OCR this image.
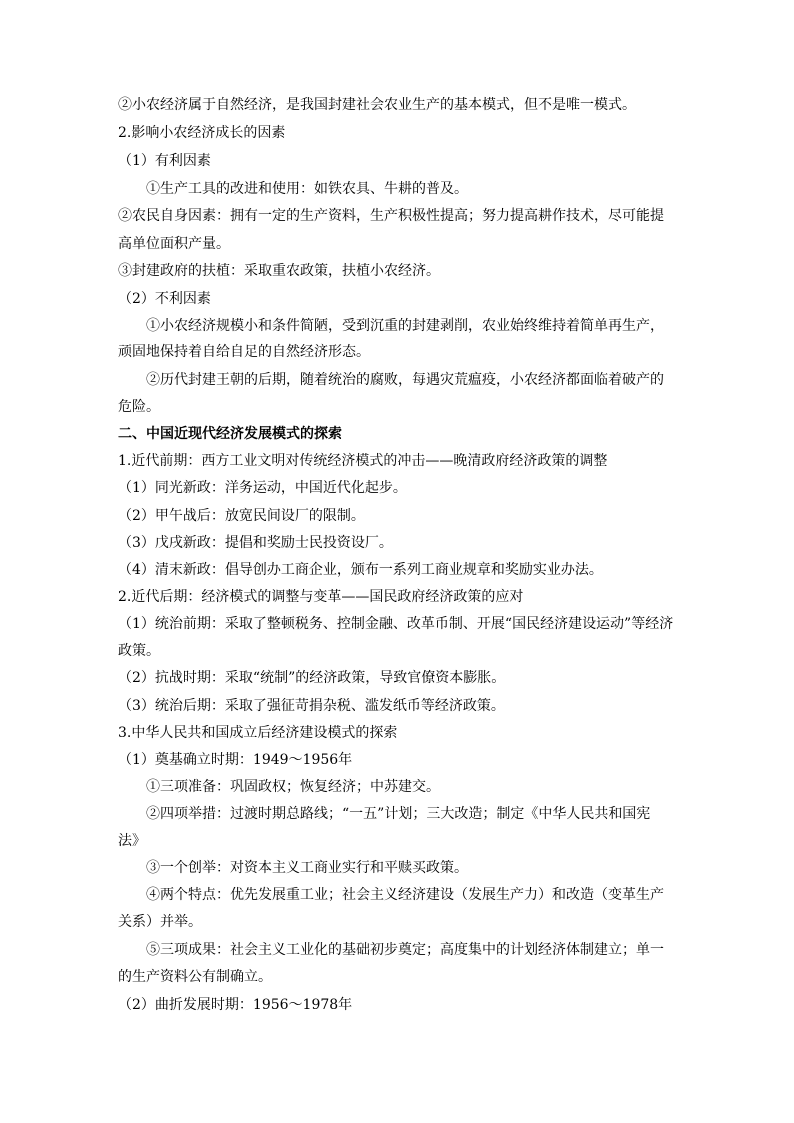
②小农经济属于自然经济，是我国封建社会农业生产的基本模式，但不是唯一模式。
2.影响小农经济成长的因素
（1）有利因素
①生产工具的改进和使用：如铁农具、牛耕的普及。
②农民自身因素：拥有一定的生产资料，生产积极性提高；努力提高耕作技术，尽可能提
高单位面积产量。
③封建政府的扶植：采取重农政策，扶植小农经济。
（2）不利因素
①小农经济规模小和条件简陋，受到沉重的封建剥削，农业始终维持着简单再生产，
顽固地保持着自给自足的自然经济形态。
②历代封建王朝的后期，随着统治的腐败，每遇灾荒瘟疫，小农经济都面临着破产的
危险。
二、中国近现代经济发展模式的探索
1.近代前期：西方工业文明对传统经济模式的冲击——晚清政府经济政策的调整
（1）同光新政：洋务运动，中国近代化起步。
（2）甲午战后：放宽民间设厂的限制。
（3）戊戌新政：提倡和奖励士民投资设厂。
（4）清末新政：倡导创办工商企业，颁布一系列工商业规章和奖励实业办法。
2.近代后期：经济模式的调整与变革——国民政府经济政策的应对
（1）统治前期：采取了整顿税务、控制金融、改革币制、开展“国民经济建设运动”等经济
政策。
（2）抗战时期：采取“统制”的经济政策，导致官僚资本膨胀。
（3）统治后期：采取了强征苛捐杂税、滥发纸币等经济政策。
3.中华人民共和国成立后经济建设模式的探索
（1）奠基确立时期：1949～1956年
①三项准备：巩固政权；恢复经济；中苏建交。
②四项举措：过渡时期总路线；“一五”计划；三大改造；制定《中华人民共和国宪
法》
③一个创举：对资本主义工商业实行和平赎买政策。
④两个特点：优先发展重工业；社会主义经济建设（发展生产力）和改造（变革生产
关系）并举。
⑤三项成果：社会主义工业化的基础初步奠定；高度集中的计划经济体制建立；单一
的生产资料公有制确立。
（2）曲折发展时期：1956～1978年
